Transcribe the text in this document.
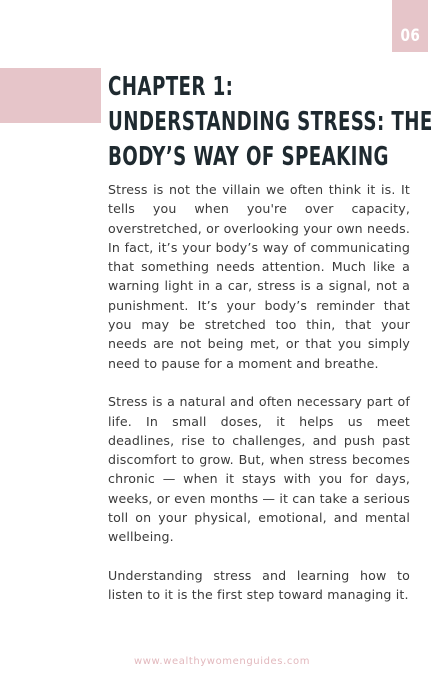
06
CHAPTER 1:
UNDERSTANDING STRESS: THE
BODY’S WAY OF SPEAKING

Stress is not the villain we often think it is. It tells you when you're over capacity, overstretched, or overlooking your own needs. In fact, it’s your body’s way of communicating that something needs attention. Much like a warning light in a car, stress is a signal, not a punishment. It’s your body’s reminder that you may be stretched too thin, that your needs are not being met, or that you simply need to pause for a moment and breathe.

Stress is a natural and often necessary part of life. In small doses, it helps us meet deadlines, rise to challenges, and push past discomfort to grow. But, when stress becomes chronic — when it stays with you for days, weeks, or even months — it can take a serious toll on your physical, emotional, and mental wellbeing.

Understanding stress and learning how to listen to it is the first step toward managing it.

www.wealthywomenguides.com
